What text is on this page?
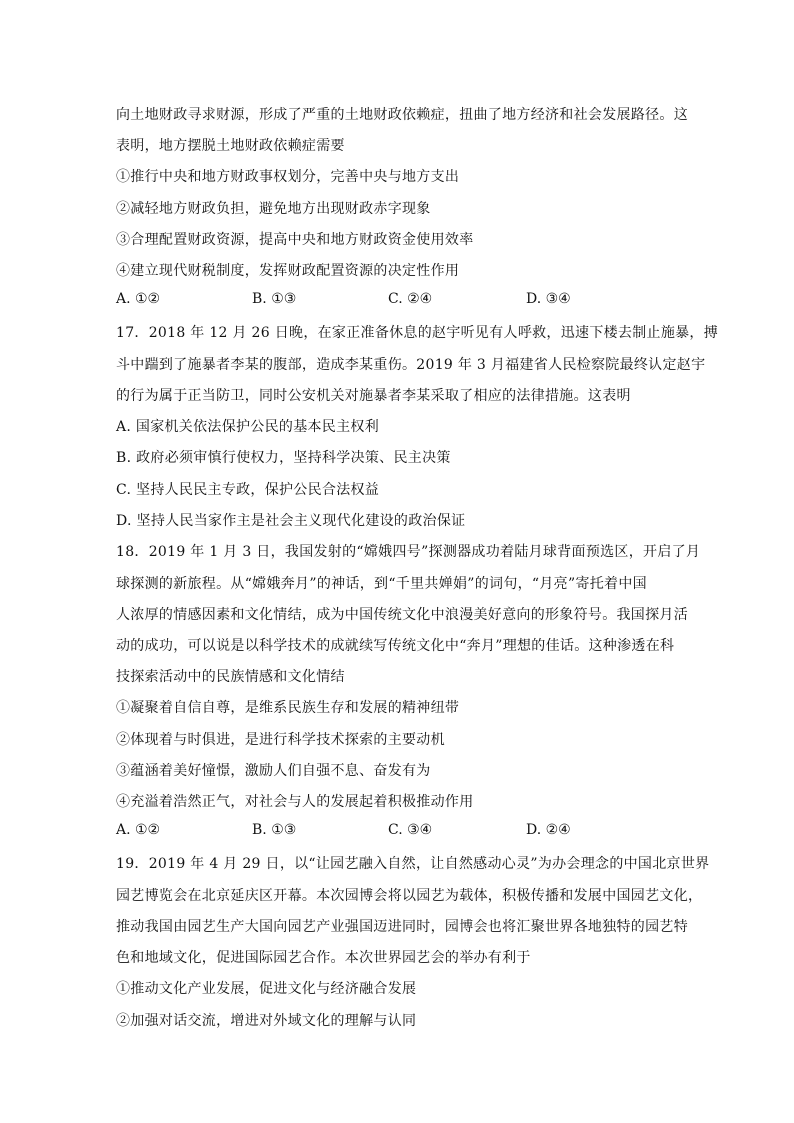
向土地财政寻求财源，形成了严重的土地财政依赖症，扭曲了地方经济和社会发展路径。这
表明，地方摆脱土地财政依赖症需要
①推行中央和地方财政事权划分，完善中央与地方支出
②减轻地方财政负担，避免地方出现财政赤字现象
③合理配置财政资源，提高中央和地方财政资金使用效率
④建立现代财税制度，发挥财政配置资源的决定性作用
A. ①②	B. ①③	C. ②④	D. ③④
17．2018 年 12 月 26 日晚，在家正准备休息的赵宇听见有人呼救，迅速下楼去制止施暴，搏
斗中踹到了施暴者李某的腹部，造成李某重伤。2019 年 3 月福建省人民检察院最终认定赵宇
的行为属于正当防卫，同时公安机关对施暴者李某采取了相应的法律措施。这表明
A. 国家机关依法保护公民的基本民主权利
B. 政府必须审慎行使权力，坚持科学决策、民主决策
C. 坚持人民民主专政，保护公民合法权益
D. 坚持人民当家作主是社会主义现代化建设的政治保证
18．2019 年 1 月 3 日，我国发射的“嫦娥四号”探测器成功着陆月球背面预选区，开启了月
球探测的新旅程。从“嫦娥奔月”的神话，到“千里共婵娟”的词句，“月亮”寄托着中国
人浓厚的情感因素和文化情结，成为中国传统文化中浪漫美好意向的形象符号。我国探月活
动的成功，可以说是以科学技术的成就续写传统文化中“奔月”理想的佳话。这种渗透在科
技探索活动中的民族情感和文化情结
①凝聚着自信自尊，是维系民族生存和发展的精神纽带
②体现着与时俱进，是进行科学技术探索的主要动机
③蕴涵着美好憧憬，激励人们自强不息、奋发有为
④充溢着浩然正气，对社会与人的发展起着积极推动作用
A. ①②	B. ①③	C. ③④	D. ②④
19．2019 年 4 月 29 日，以“让园艺融入自然，让自然感动心灵”为办会理念的中国北京世界
园艺博览会在北京延庆区开幕。本次园博会将以园艺为载体，积极传播和发展中国园艺文化，
推动我国由园艺生产大国向园艺产业强国迈进同时，园博会也将汇聚世界各地独特的园艺特
色和地域文化，促进国际园艺合作。本次世界园艺会的举办有利于
①推动文化产业发展，促进文化与经济融合发展
②加强对话交流，增进对外域文化的理解与认同
